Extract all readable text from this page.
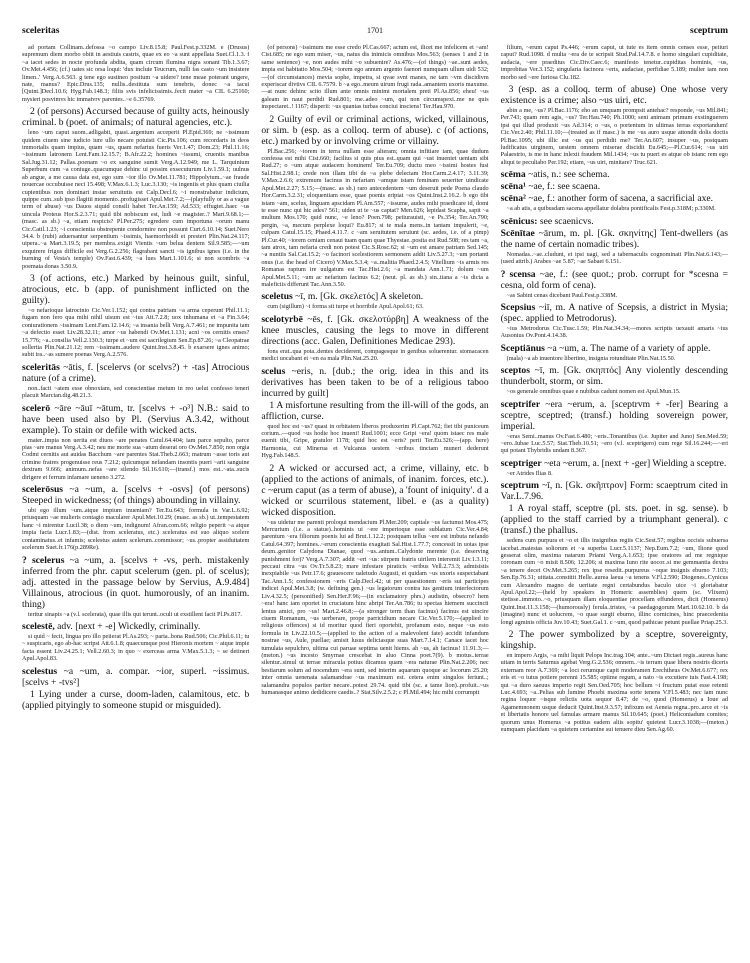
sceleritas	1701	sceptrum

ad portam Collinam..defossa ~o campo Liv.8.15.8; Paul.Fest.p.332M. e (Drusus) supremum diem morbo obiit in aestiuis castris, quae ex eo ~a sunt appellata Suet.Cl.1.3. f ~a iacet sedes in nocte profunda abdita, quam circum flumina nigra sonant Tib.1.3.67; Ov.Met.4.456; (cf.) uates sic orsa loqui: 'dux inclute Teucrum, nulli fas casto ~um insistere limen..' Verg.A.6.563. g tene ego sustineo positum ~a uidere? tene meae poterant ungere, nate, manus? Epic.Drus.135; nullis..destituta sum tenebris, donec ~a tacui [Quint.]Decl.10.6; Hyg.Fab.148.3; filiis svis infelicissimis..fecit mater ~a CIL 6.25160; mysieri posvimvs hic immatvrv parentes..~e 6.35769.

2 (of persons) Accursed because of guilty acts, heinously criminal. b (poet. of animals; of natural agencies, etc.).

leno ~um caput suom..adligabit, quasi..argentum acceperit Pl.Epid.369; ne ~issimum quidem ciuem sine iudicio iure ullo necare potuisti Cic.Pis.106; cum recordaris in deos immortalis quam impius, quam ~us, quam nefarius fueris Ver.1.47; Dom.23; Phil.11.16; ~issimum latronem Lent.Fam.12.15.7; B.Afr.22.2; homines ~issumi, cruentis manibus Sal.Jug.31.12; Pallas..poenam ~o ex sanguine sumit Verg.A.12.949; me L. Tarquinium Superbum cum ~a coniuge..quacumque dehinc ui possim exsecuturum Liv.1.59.1; uulnus ab angue, a me causa data est, ego sum ~ior illo Ov.Met.11.781; Hippolytum..~ae fraude nouercae occubuisse neci 15.498; V.Max.6.1.3; Luc.3.130; ~is ingeniis et plus quam ciuilia cupientibus non dominari instar seruitutis est Calp.Decl.6; ~i monstrabatur indicium, quippe cum..sub ipso flagitii momento..profugisset Apul.Met.7.2;—(playfully or as a vague term of abuse) ~us Dauos siquid consili habet Ter.An.159; Ad.533; effugiet..haec ~us uincula Proteus Hor.S.2.3.71; quid tibi nobiscum est, ludi ~e magister..? Mart.9.68.1;—(masc. as sb.) ~a, etiam respicis? Pl.Per.275; egredere cum importuna ~orum manu Cic.Catil.1.23; ~i conscientia obstrepente condormire non possunt Curt.6.10.14; Suet.Nero 34.4. b (rubi) aduersantur serpentium ~issimis, haemorrhoidi et presteri Plin.Nat.24.117; uipera..~a Mart.3.19.5; per membra..exigit Vientis ~um belua dentem Sil.9.585;—~um exquirere frigus difficile est Verg.G.2.256; flagrabant sancti ~is ignibus ignes (i.e. in the burning of Vesta's temple) Ov.Fast.6.439; ~a lues Mart.1.101.6; si non scombris ~a poemata donas 3.50.9.

3 (of actions, etc.) Marked by heinous guilt, sinful, atrocious, etc. b (app. of punishment inflicted on the guilty).

~o nefarioque latrocinio Cic.Ver.1.152; qui contra patriam ~a arma ceperunt Phil.11.1; fugam non fero qua mihi nihil uisum est ~ius Att.7.2.8; uox inhumana et ~a Fin.3.64; coniurationem ~issimam Lent.Fam.12.14.6; ~a insania belli Verg.A.7.461; ne impunita tam ~a defectio esset Liv.28.32.11; amor ~us habendi Ov.Met.1.131; acni ~os cernitis enses? 15.776; ~a..consilia Vell.2.130.3; turpe et ~um est sacrilegium Sen.Ep.87.26; ~a Cleopatrae sollertia Plin.Nat.21.12; rem ~issimam..audere Quint.Inst.3.8.45. b exarsere ignes animo; subit ira..~as sumere poenas Verg.A.2.576.

sceleritās ~ātis, f. [scelervs (or scelvs?) + -tas] Atrocious nature (of a crime).

non..facti ~atem esse obnoxiam, sed conscientiae metum in reo uelut confesso teneri placuit Marcian.dig.48.21.3.

scelerō ~āre ~āuī ~ātum, tr. [scelvs + -o³] N.B.: said to have been used also by Pl. (Servius A.3.42, without example). To stain or defile with wicked acts.

mater..impia non uerita est diuos ~are penates Catul.64.404; iam parce sepulto, parce pias ~are manus Verg.A.3.42; neu me morte sua ~atum deserat oro Ov.Met.7.850; non orgia Codmi cernitis aut auidas Bacchum ~are parentes Stat.Theb.2.663; matrum ~asse toris aut crimine fratres progenuisse reus 7.212; quicumque nefandam insontis pueri ~arit sanguine dextram 9.666; animum..nefas ~are silendo Sil.16.610;—(transf.) mos est..~ata..sucis dirigere et ferrum infamare ueneno 3.272.

scelerōsus ~a ~um, a. [scelvs + -osvs] (of persons) Steeped in wickedness; (of things) abounding in villainy.

ubi ego illum ~um..atque impium inueniam? Ter.Eu.643; formula in Var.L.6.92; priusquam ~ae mulieris contagio macularer Apul.Met.10.29; (masc. as sb.) ut..tempestatem hanc ~i mirentur Lucil.38; o diem ~um, indignum! Afran.com.66; religio peperit ~a atque impia facta Lucr.1.83;—(dist. from sceleratus, etc.) sceleratus est suo aliquo scelere contaminatus..et infamis; scelestus autem scelerum..commissor; ~us..propter assiduitatem scelerum Suet.fr.176(p.289Re).

? scelerus ~a ~um, a. [scelvs + -vs, perh. mistakenly inferred from the phr. caput scelerum (gen. pl. of scelus); adj. attested in the passage below by Servius, A.9.484] Villainous, atrocious (in quot. humorously, of an inanim. thing)

teritur sinapis ~a (v.l. scelerata), quae illis qui terunt..oculi ut exstillent facit Pl.Ps.817.

scelestē, adv. [next + -e] Wickedly, criminally.

si quid ~ fecit, lingua pro illo peiierat Pl.As.293; ~ parta..bona Rud.506; Cic.Phil.6.11; tu ~ suspicaris, ego ab-hac scripsi Att.6.1.8; quaecumque post Hieronis mortem ~ atque impie facta essent Liv.24.25.1; Vell.2.60.3; in quo ~ exerceas arma V.Max.5.1.3; ~ se detineri Apul.Apol.83.

scelestus ~a ~um, a. compar. ~ior, superl. ~issimus. [scelvs + -tvs²]

1 Lying under a curse, doom-laden, calamitous, etc. b (applied pityingly to someone stupid or misguided).

(of persons) ~issimum me esse credo Pl.Cas.667; actum est, ilicet me infelicem et ~am! Cist.685; ne ego sum miser, ~us, natus dis inimicis omnibus Mos.563; (senses 1 and 2 in same sentence) ~e, non audes mihi ~o subuenire? As.476;—(of things) ~ae..sunt aedes, impia est habitatio Mos.504; ~iorem ego annum argento faenori numquam ullum uidi 532;—(of circumstances) mevia sophe, impetra, si qvae svnt manes, ne tam ~vm discidivm experiscar divtivs CIL 6.7579. b ~a ego..meum uirum frugi rada..amantem uxoris maxume.—at nunc dehinc scito illum ante omnis minimi mortalem preti Pl.As.856; eheu! ~us galeam in naui perdidi Rud.801; me..adeo ~um, qui non circumspexi..me ne quis inspectaret..! 1167; disperii: ~us quantas turbas conciui insciens! Ter.Hau.970.

2 Guilty of evil or criminal actions, wicked, villainous, or sim. b (esp. as a colloq. term of abuse). c (of actions, etc.) marked by or involving crime or villainy.

Pl.Bac.256; ~iorem in terra nullam esse alteram; omnia infitiare iam, quae dudum confessa est mihi Cist.660; facilius si quis pius est..quam qui ~ust inueniet ueniam sibi Rud.27; o ~um atque audacem hominem! Ter.Eu.709; ductu meo ~issimi hostes fusi Sal.Hist.2.98.1; crede non illam tibi de ~a plebe delectam Hor.Carm.2.4.17; 3.11.39; V.Max.2.6.6; extremum facinus in nefariam ~amque istam feminam seueriter uindicate Apul.Met.2.27; 5.15;—(masc. as sb.) raro antecedentem ~um deseruit pede Poena claudo Hor.Carm.3.2.31; eloquentiam esse, quae poenis eripiat ~os Quint.Inst.2.16.2. b ego tibi istam ~am, scelus, linguam apscidam Pl.Am.557; ~issume, audes mihi praedicare id, domi te esse nunc qui hic ades? 561; uiden ut te ~us captat? Men.626; lepidast Scapha, sapit ~a multum Mos.170; quid nunc, ~e leno? Poen.798; peiiurauisti, ~e Ps.354; Ter.An.790; pergin, ~a, mecum perplexe loqui? Eu.817; si te mala mens..in tantam impulerit, ~e, culpam Catul.15.15; Phaed.4.11.7. c ~am seruitutem seruiunt (sc. aedes, i.e. of a pimp) Pl.Cur.40; ~iorem ceniam cenaui tuam quam quae Thyestae..posita est Rud.508; res tam ~a, tam atrox, tam nefaria credi non potest Cic.S.Rosc.62; si ~um est amare patriam Sed.145; ~a nuntiis Sal.Cat.15.2; ~o facinori scelestiorem sermonem addit Liv.5.27.3; ~um portanti onus (i.e. the head of Cicero) V.Max.5.3.4; ~a..malitia Phaed.2.4.5; Vitellium ~is armis res Romanas raptum ire uulgatum est Tac.Hist.2.6; ~a mandata Ann.1.71; dolum ~um Apul.Met.5.11; ~um ac nefarium facinus 6.2; (neut. pl. as sb.) sin..tiana a ~is dicta a maleficiis differunt Tac.Ann.3.50.

sceletus ~ī, m. [Gk. σκελετός] A skeleton.

cum (sigillum) ~i forma sit turpe et horribile Apul.Apol.61; 63.

scelotyrbē ~ēs, f. [Gk. σκελοτύρβη] A weakness of the knee muscles, causing the legs to move in different directions (acc. Galen, Definitiones Medicae 293).

fons erat..qua pota..dentes deciderent, compagesque in genibus soluerentur. stomacacen medici uocabant et ~en ea mala Plin.Nat.25.20.

scelus ~eris, n. [dub.; the orig. idea in this and its derivatives has been taken to be of a religious taboo incurred by guilt]

1 A misfortune resulting from the ill-will of the gods, an affliction, curse.

quod hoc est ~us? quasi in orbitatem liberos produxerim Pl.Capt.762; fiet tibi puniceum corium..—quod ~us hodie hoc inueni! Rud.1001; ecce Gripi ~era! quom istaec res male euenit tibi, Gripe, gratulor 1178; quid hoc est ~eris? perii Ter.Eu.326;—(app. here) Harmonia, cui Minerua et Vulcanus uestem ~eribus tinctam muneri dederunt Hyg.Fab.148.5.

2 A wicked or accursed act, a crime, villainy, etc. b (applied to the actions of animals, of inanim. forces, etc.). c ~erum caput (as a term of abuse), a 'fount of iniquity'. d a wicked or scurrilous statement, libel. e (as a quality) wicked disposition.

~us uidetur me parenti proloqui mendacium Pl.Mer.209; capitale ~us factumst Mos.475; Mercurium (i.e. a statue)..hominis ui ~ere imperioque esse sublatum Cic.Ver.4.84; parentum ~era filiorum poenis lui ad Brut.1.12.2; postquam tellus ~ere est imbuta nefando Catul.64.397; homines..~erum conscientia exagitati Sal.Hist.1.77.7; concessit in uotas ipse deum..genitor Calydona Dianae, quod ~us..antum..Calydonte merente (i.e. deserving punishment for)? Verg.A.7.307; addit ~eri ~us: stirpem fratris uirilem interemit Liv.1.3.11; peccaui citra ~us Ov.Tr.5.8.23; mare infestare piraticis ~eribus Vell.2.73.3; admisistis inexpiabile ~us Petr.17.6; grauescere ualetudo Augusti, et quidam ~us uxoris suspectabant Tac.Ann.1.5; confessionem ~eris Calp.Decl.42; ut per quaestionem ~eris sui participes indicet Apul.Met.3.8; (w. defining gen.) ~us legatorum contra ius gentium interfectorum Liv.4.32.5; (personified) Sen.Her.F.96;—(in exclamatory phrs.) audistin, obsecro? hem ~era! hanc iam oportet in cruciatum hinc abripi Ter.An.786; tu spectas hiemem succincti lentus amici, pro ~us! Mart.2.46.8;—(a stronger term than facinus) facinus est uincire ciuem Romanum, ~us uerberare, prope parricidium necare Cic.Ver.5.170;—(applied to religious offences) si id moritur quod fieri oportebit, profanum esto, neque ~us esto formula in Liv.22.10.5;—(applied to the action of a malevolent fate) accidit infandum nostrae ~us, Aule, puellae; amisit lusus deliciasque suas Mart.7.14.1; Canace iacet hoc tumulata sepulchro, ultima cui paruae septima uenit hiems. ah ~us, ah facinus! 11.91.3;—(meton.) ~us incesto Smyrnae crescebat in aluo Cinna poet.7(9). b motus..terrae silentur..simul ut terrae miracula potius dicamus quam ~era naturae Plin.Nat.2.206; nec bestiarum solum ad nocendum ~era sunt, sed interim aquarum quoque ac locorum 25.20; inter omnia uenenata salamandrae ~us maximum est. cetera enim singulos feriunt..; salamandra populos pariter necare..potest 29.74. quid tibi (sc. a tame lion)..profuit..~us humanasque animo dedidicere caedis..? Stat.Silv.2.5.2; c Pl.Mil.494; hic mihi corrumpit

filium, ~erum caput Ps.446; ~erum caput, ut tute es item omnis censes esse, peiiuri caput? Rud.1098. d multa ~era de te scripsit Stud.Pal.14.7.8. e homo singulari cupiditate, audacia, ~ere praeditus Cic.Div.Caec.6; manifesto tenetur..cupiditas hominis, ~us, improbitas Ver.3.152; singularia facinora ~eris, audaciae, perfidiae 5.189; mulier iam non morbo sed ~ere furiosa Clu.182.

3 (esp. as a colloq. term of abuse) One whose very existence is a crime; also ~us uiri, etc.

abin a me, ~us? Pl.Bac.1176; eho an umquam prompsit antehac? responde, ~us Mil.841; Per.743; quam rem agis, ~us? Ter.Hau.740; Ph.1000; seni animam primum exstinguerem ipsi qui illud produxit ~us Ad.314; o ~us, o portentum in ultimas terras exportandum! Cic.Ver.2.40; Phil.11.10;—(treated as if masc.) is me ~us auro usque attondit dolis doctis Pl.Bac.1095; ubi illic est ~us qui perdidit me? Ter.An.607; insuper ~us, postquam ludificatus uirginem, uestem omnem miserae discidit Eu.645;—Pl.Cur.614; ~us uiri Palaestrio, is me in hanc inlexit fraudem Mil.1434; ~us tu pueri es atque ob istanc rem ego aliqui te peculiabo Per.192; etiam, ~us uiri, minitare? Truc.621.

scēma ~atis, n.: see schema.

scēna¹ ~ae, f.: see scaena.

scēna² ~ae, f.: another form of sacena, a sacrificial axe.

~a ab atis, a quibusdam sacena appellatur dolabra pontificalis Fest.p.318M; p.330M.

scēnicus: see scaenicvs.

Scēnītae ~ārum, m. pl. [Gk. σκηνίτης] Tent-dwellers (as the name of certain nomadic tribes).

Nomadas..~ae..cludunt, et ipsi uagi, sed a tabernaculis cognominati Plin.Nat.6.143;—(used attrib.) Arabes ~ae 5.87; ~ae Sabaei 6.151.

? scensa ~ae, f.: (see quot.; prob. corrupt for *scesna = cesna, old form of cena).

~as Sabini cenas dicebant Paul.Fest.p.338M.

Scepsius ~iī, m. A native of Scepsis, a district in Mysia; (spec. applied to Metrodorus).

~ius Metrodorus Cic.Tusc.1.59; Plin.Nat.34.34;—mores scriptis uexauit amaris ~ius Ausonius Ov.Pont.4.14.38.

Sceptiānus ~a ~um, a. The name of a variety of apple.

(mala) ~a ab inuentore libertino, insignia rotunditate Plin.Nat.15.50.

sceptos ~ī, m. [Gk. σκηπτός] Any violently descending thunderbolt, storm, or sim.

~os generale omnibus quae e nubibus cadunt nomen est Apul.Mun.15.

sceptrifer ~era ~erum, a. [sceptrvm + -fer] Bearing a sceptre, sceptred; (transf.) holding sovereign power, imperial.

~eras Semi..manus Ov.Fast.6.480; ~eris..Tonantibus (i.e. Jupiter and Juno) Sen.Med.59; ~ero..Iubae Luc.5.57; Stat.Theb.10.51; ~ero (v.l. sceptrigero) cum rege Sil.16.244;—~eri qui potant Thybridis undam 8.367.

sceptriger ~eta ~erum, a. [next + -ger] Wielding a sceptre.

~er Atrides Ilias 8.

sceptrum ~ī, n. [Gk. σκῆπτρον] Form: scaeptrum cited in Var.L.7.96.

1 A royal staff, sceptre (pl. sts. poet. in sg. sense). b (applied to the staff carried by a triumphant general). c (transf.) the phallus.

sedens cum purpura et ~o et illis insignibus regiis Cic.Sest.57; regibus occisis subuersa iacebat..maiestas soliorum et ~a superba Lucr.5.1137; Nep.Eum.7.2; ~um, Ilione quod gesserat olim, maxima natarum Priami Verg.A.1.653; ipse oratores ad me regnique coronam cum ~o misit 8.506; 12.206; si maxima Iuno rite uocor..si me gemmantia dextra ~a tenere decet Ov.Met.3.265; rex ipse resedit..purpureus ~oque insignis eburno 7.103; Sen.Ep.76.31; uittata..constitit Helle..aurea laeua ~a tenens V.Fl.2.590; Diogenes..Cynicus cum Alexandro magno de ueritate regni certabundus baculo uice ~i gloriabatur Apul.Apol.22;—(held by speakers in Homeric assemblies) quem (sc. Vlixem) stetisse..immoto..~o, priusquam illam eloquentiae procellam effunderes, dicit (Homerus) Quint.Inst.11.3.158;—(humorously) ferula..tristes, ~a paedagogorum Mart.10.62.10. b da (imagine) nunc et uolucrem, ~o quae surgit eburno, illinc cornicines, hinc praecedentia longi agminis officia Juv.10.43; Suet.Gal.1. c ~um, quod pathicae petunt puellae Priap.25.3.

2 The power symbolized by a sceptre, sovereignty, kingship.

en impero Argis, ~a mihi liquit Pelops Inc.trag.104; ante..~um Dictaei regis..aureus hanc uitam in terris Saturnus agebat Verg.G.2.536; omnem..~is terram quae libera nostris diceris externam reor A.7.369; ~a loci rerumque capit moderamen Erechtheus Ov.Met.6.677; rex eris et ~o tutus potiere perenni 15.585; optime regum, a nato ~is excutiere tuis Fast.4.198; qui ~a duro saeuus imperio regit Sen.Oed.705; hoc bellum ~i fructum putat esse retenti Luc.4.693; ~a..Pelias sub lumine Phoebi maxima sorte tenens V.Fl.5.483; nec iam nunc regina loquor ~isque relictis uota sequor 8.47; de ~o, quod (Homerus) a Ioue ad Agamemnonem usque deducit Quint.Inst.9.3.57; infixum est Aeneia regna..pro..arce et ~is et libertatis honore uel famulas armare manus Sil.10.645; (poet.) Heliconiadum comites; quorum unus Homerus ~a potitus eadem aliis sopitu' quietest Lucr.3.1038;—(meton.) eumquam placidam ~a quietem certamine sui tenuere dieu Sen.Ag.60.
